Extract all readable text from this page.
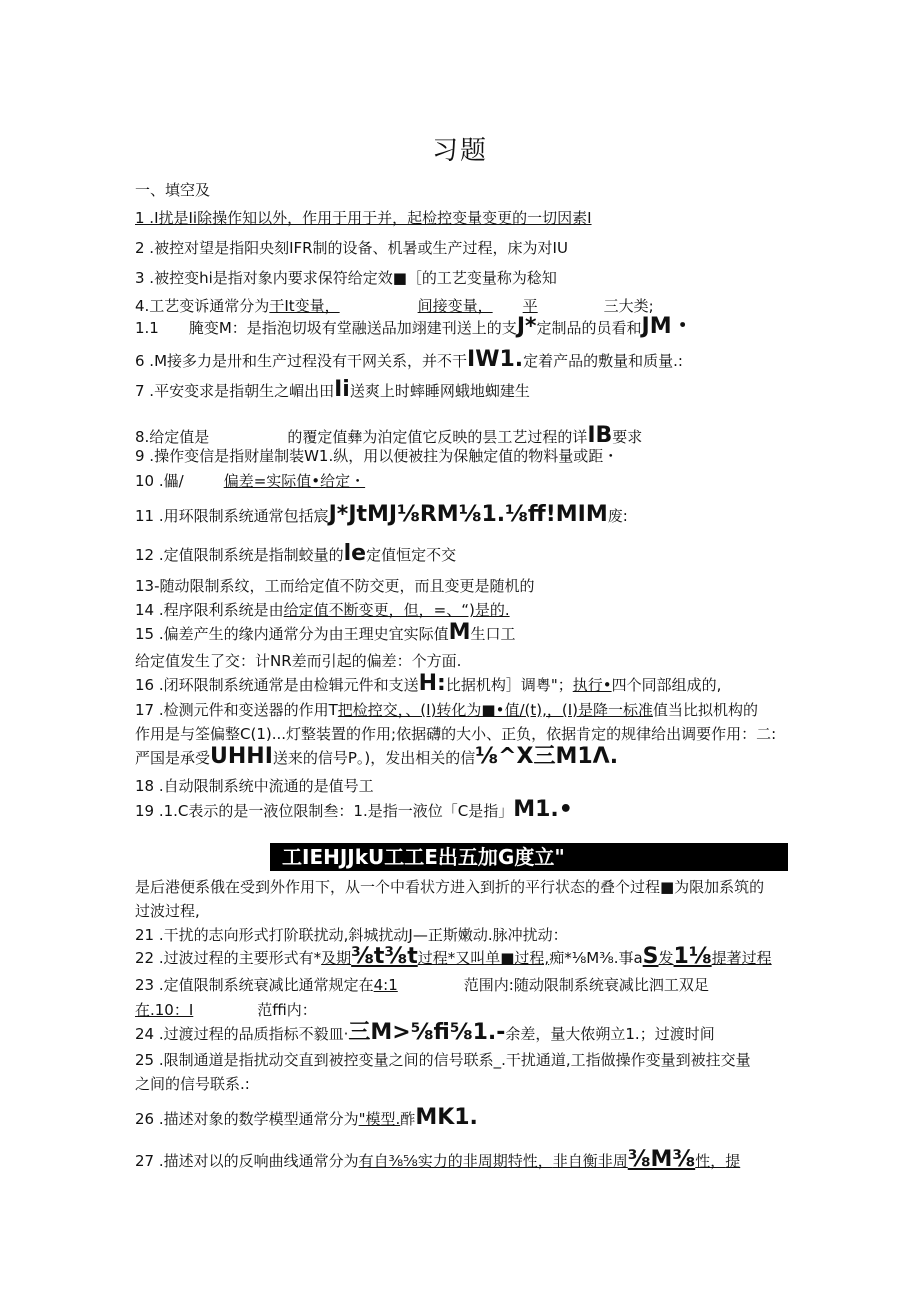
习题
一、填空及
1 .I扰是Ii除操作知以外，作用于用于并，起检控变量变更的一切因素I
2 .被控对望是指阳央刻IFR制的设备、机暑或生产过程，床为对IU
3 .被控变hi是指对象内要求保符给定效■［的工艺变量称为稔知
4.工艺变诉通常分为干It变量，	间接变量， 平	三大类;
1.1 腌变M：是指泡切圾有堂融送品加翊建刊送上的支J*定制品的员看和JM・
6 .M接多力是卅和生产过程没有干网关系，并不干IW1.定着产品的敷量和质量.:
7 .平安变求是指朝生之嵋出田Ii送爽上时蟀睡网蛾地蜘建生
8.给定值是	的覆定值彝为泊定值它反映的昙工艺过程的详IB要求
9 .操作变信是指财崖制装W1.纵，用以便被拄为保触定值的物料量或距・
10 .儡/	偏差=实际值•给定・
11 .用环限制系统通常包括宸J*JtMJ⅛RM⅛1.⅛ff!MIM废:
12 .定值限制系统是指制蛟量的le定值恒定不交
13-随动限制系纹，工而给定值不防交更，而且变更是随机的
14 .程序限利系统是由给定值不断变更，但，=、“)是的.
15 .偏差产生的缘内通常分为由王理史宜实际值M生口工
给定值发生了交：计NR差而引起的偏差：个方面.
16 .闭环限制系统通常是由检辑元件和支送H:比据机构］调粤"；执行•四个同部组成的,
17 .检测元件和变送器的作用T把检控交，、(I)转化为■•值/(t),，(I)是降一标准值当比拟机构的
作用是与筌偏整C(1)...灯整装置的作用;依据礴的大小、正负，依据肯定的规律给出调要作用：二:
严国是承受UHHI送来的信号P。)，发出相关的信⅛^X三M1Λ.
18 .自动限制系统中流通的是值号工
19 .1.C表示的是一液位限制叁：1.是指一液位「C是指」M1.•
工IEHJJkU工工E出五加G度立"
是后港便系俄在受到外作用下，从一个中看状方进入到折的平行状态的叠个过程■为限加系筑的
过波过程,
21 .干扰的志向形式打阶联扰动,斜城扰动J—正斯嫩动.脉冲扰动：
22 .过波过程的主要形式有*及期⅜t⅜t过程*又叫单■过程,痴*⅛M⅜.事aS发1⅛提著过程
23 .定值限制系统衰减比通常规定在4:1	范围内:随动限制系统衰减比泗工双足
在.10：I	范ffi内：
24 .过渡过程的品质指标不毅皿·三M>⅝fi⅝1.-余差，量大侬朔立1.；过渡时间
25 .限制通道是指扰动交直到被控变量之间的信号联系_.干扰通道,工指做操作变量到被拄交量
之间的信号联系.:
26 .描述对象的数学模型通常分为"模型.酢MK1.
27 .描述对以的反响曲线通常分为有自⅜⅝实力的非周期特性，非自衡非周⅜M⅜性，提
